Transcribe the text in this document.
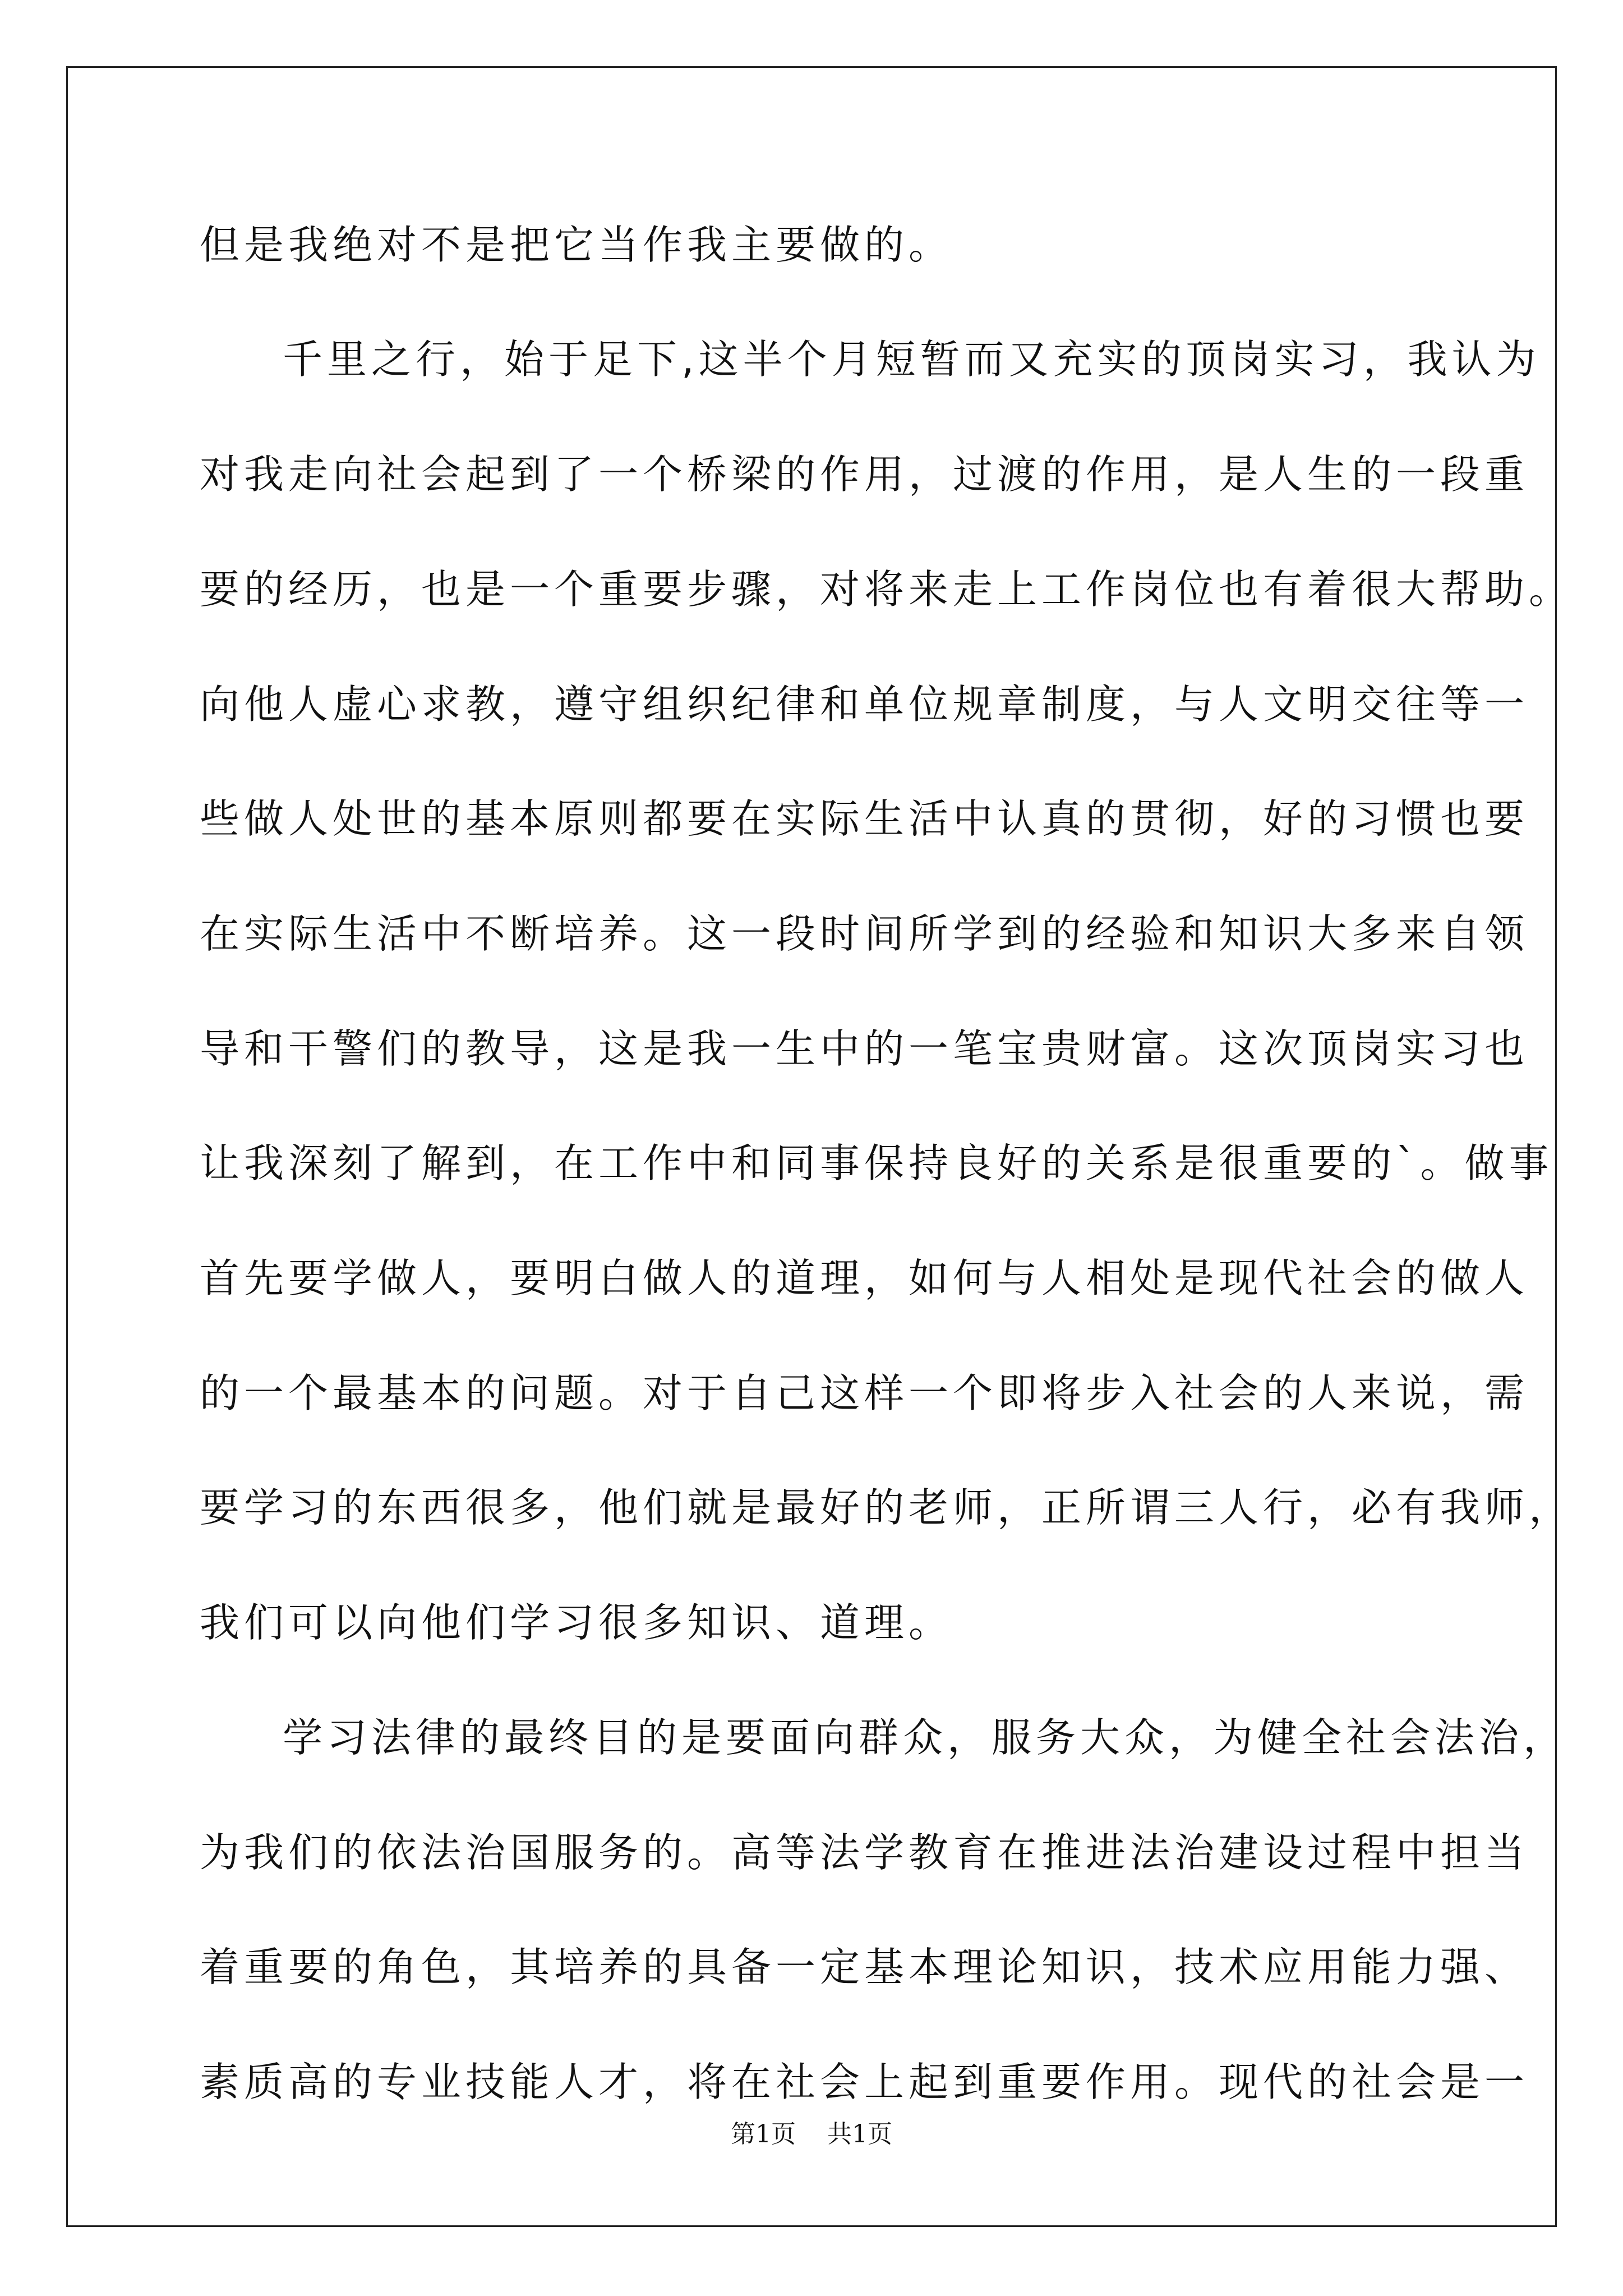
但是我绝对不是把它当作我主要做的。
千里之行，始于足下,这半个月短暂而又充实的顶岗实习，我认为
对我走向社会起到了一个桥梁的作用，过渡的作用，是人生的一段重
要的经历，也是一个重要步骤，对将来走上工作岗位也有着很大帮助。
向他人虚心求教，遵守组织纪律和单位规章制度，与人文明交往等一
些做人处世的基本原则都要在实际生活中认真的贯彻，好的习惯也要
在实际生活中不断培养。这一段时间所学到的经验和知识大多来自领
导和干警们的教导，这是我一生中的一笔宝贵财富。这次顶岗实习也
让我深刻了解到，在工作中和同事保持良好的关系是很重要的`。做事
首先要学做人，要明白做人的道理，如何与人相处是现代社会的做人
的一个最基本的问题。对于自己这样一个即将步入社会的人来说，需
要学习的东西很多，他们就是最好的老师，正所谓三人行，必有我师，
我们可以向他们学习很多知识、道理。
学习法律的最终目的是要面向群众，服务大众，为健全社会法治，
为我们的依法治国服务的。高等法学教育在推进法治建设过程中担当
着重要的角色，其培养的具备一定基本理论知识，技术应用能力强、
素质高的专业技能人才，将在社会上起到重要作用。现代的社会是一
第1页 共1页
